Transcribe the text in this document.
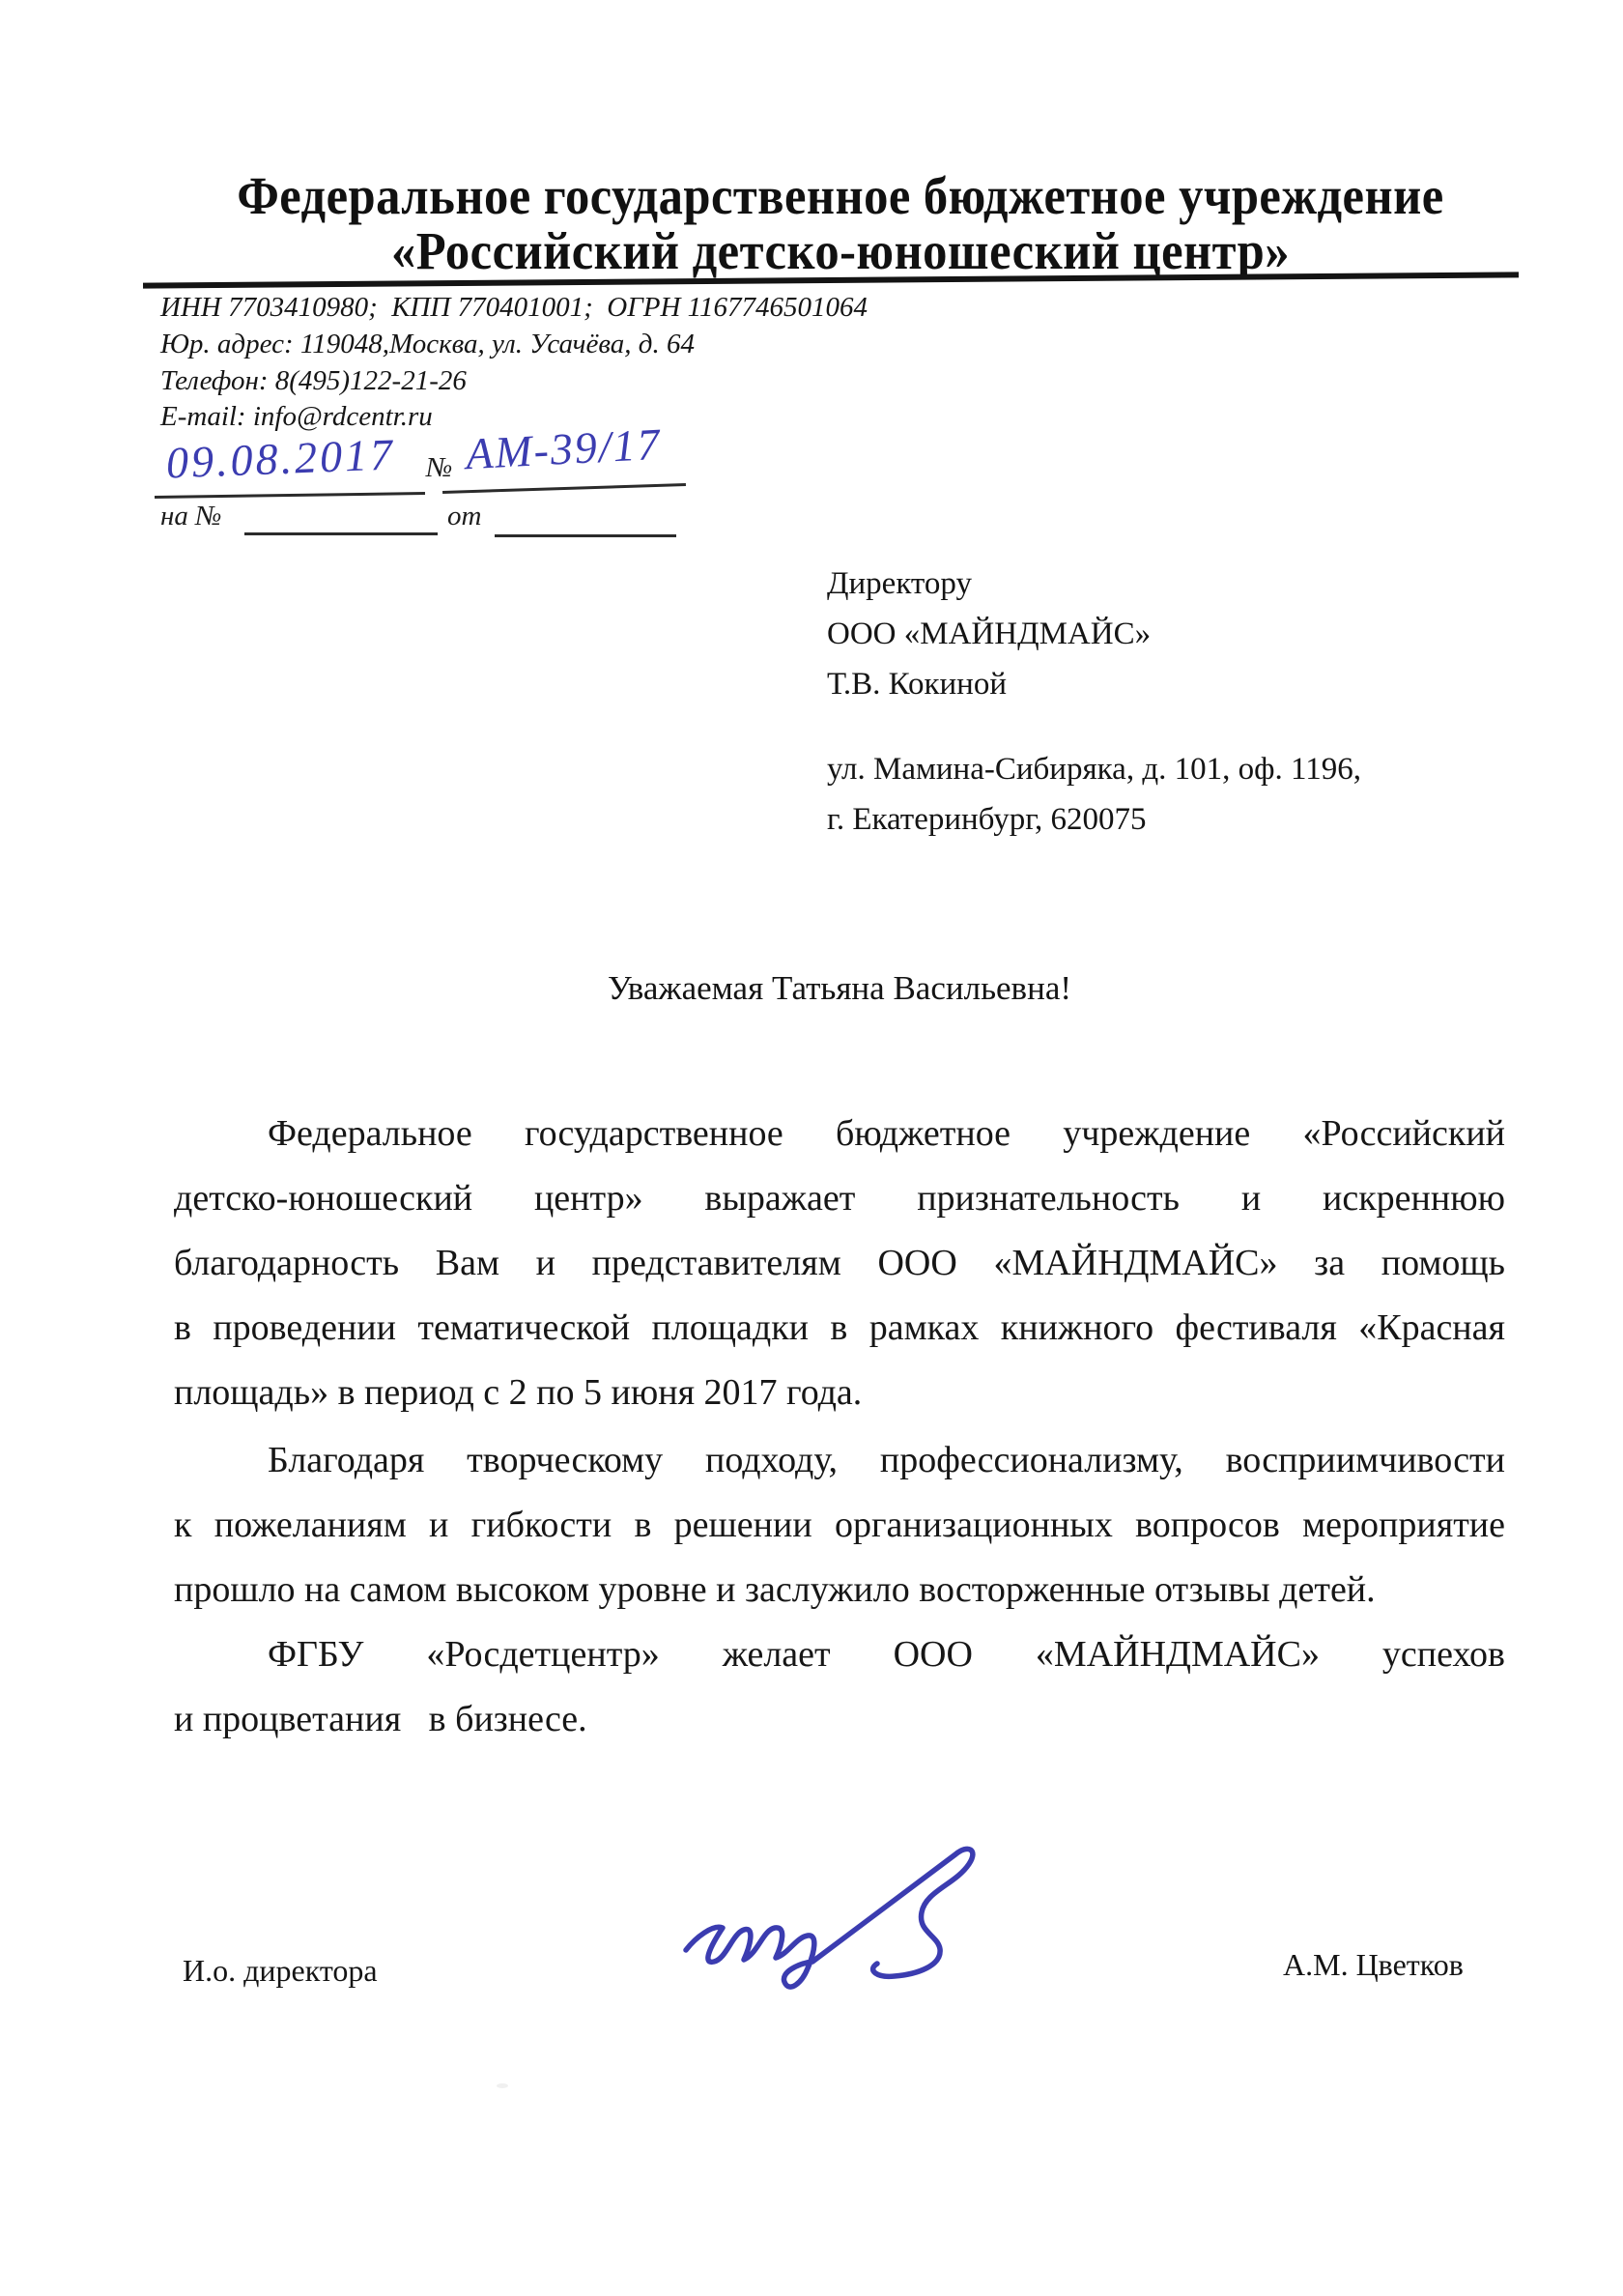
Федеральное государственное бюджетное учреждение
«Российский детско-юношеский центр»
ИНН 7703410980;  КПП 770401001;  ОГРН 1167746501064
Юр. адрес: 119048,Москва, ул. Усачёва, д. 64
Телефон: 8(495)122-21-26
E-mail: info@rdcentr.ru
09.08.2017 № АМ-39/17
на №	от
Директору
ООО «МАЙНДМАЙС»
Т.В. Кокиной
ул. Мамина-Сибиряка, д. 101, оф. 1196,
г. Екатеринбург, 620075
Уважаемая Татьяна Васильевна!
Федеральное государственное бюджетное учреждение «Российский
детско-юношеский центр» выражает признательность и искреннюю
благодарность Вам и представителям ООО «МАЙНДМАЙС» за помощь
в проведении тематической площадки в рамках книжного фестиваля «Красная
площадь» в период с 2 по 5 июня 2017 года.
Благодаря творческому подходу, профессионализму, восприимчивости
к пожеланиям и гибкости в решении организационных вопросов мероприятие
прошло на самом высоком уровне и заслужило восторженные отзывы детей.
ФГБУ «Росдетцентр» желает ООО «МАЙНДМАЙС» успехов
и процветания   в бизнесе.
И.о. директора	А.М. Цветков
